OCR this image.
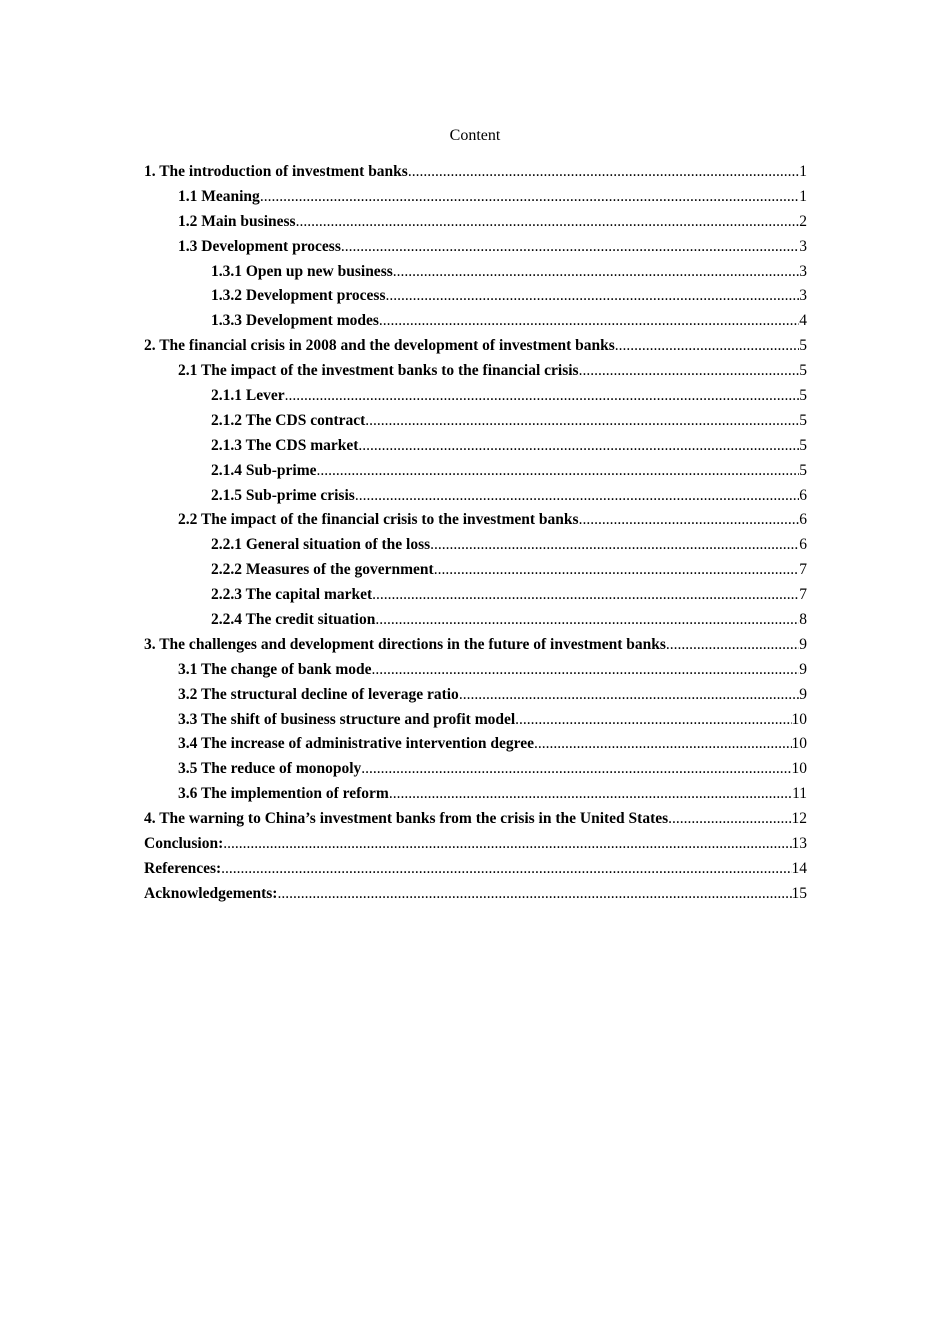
Content
1. The introduction of investment banks .....	1
1.1 Meaning .....	1
1.2 Main business .....	2
1.3 Development process .....	3
1.3.1 Open up new business .....	3
1.3.2 Development process .....	3
1.3.3 Development modes .....	4
2. The financial crisis in 2008 and the development of investment banks .....	5
2.1 The impact of the investment banks to the financial crisis .....	5
2.1.1 Lever .....	5
2.1.2 The CDS contract .....	5
2.1.3 The CDS market .....	5
2.1.4 Sub-prime .....	5
2.1.5 Sub-prime crisis .....	6
2.2 The impact of the financial crisis to the investment banks .....	6
2.2.1 General situation of the loss .....	6
2.2.2 Measures of the government .....	7
2.2.3 The capital market .....	7
2.2.4 The credit situation .....	8
3. The challenges and development directions in the future of investment banks .....	9
3.1 The change of bank mode .....	9
3.2 The structural decline of leverage ratio .....	9
3.3 The shift of business structure and profit model .....	10
3.4 The increase of administrative intervention degree .....	10
3.5 The reduce of monopoly .....	10
3.6 The implemention of reform .....	11
4. The warning to China’s investment banks from the crisis in the United States .....	12
Conclusion: .....	13
References: .....	14
Acknowledgements: .....	15
